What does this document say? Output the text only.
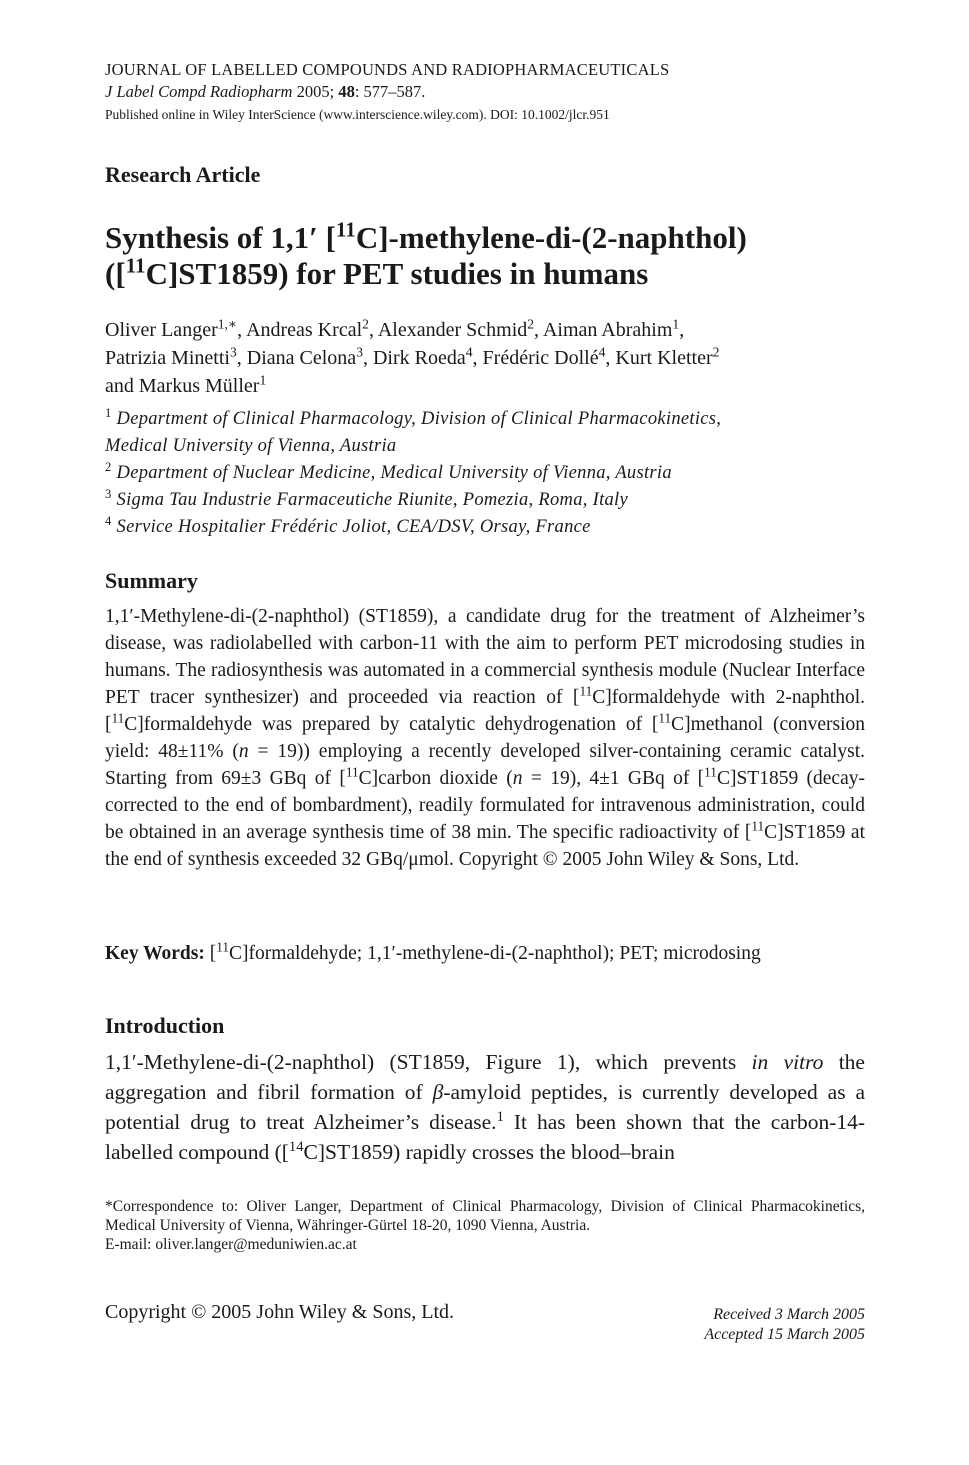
JOURNAL OF LABELLED COMPOUNDS AND RADIOPHARMACEUTICALS

J Label Compd Radiopharm 2005; 48: 577–587.

Published online in Wiley InterScience (www.interscience.wiley.com). DOI: 10.1002/jlcr.951

Research Article

Synthesis of 1,1′ [$^{11}$C]-methylene-di-(2-naphthol)
([$^{11}$C]ST1859) for PET studies in humans

Oliver Langer$^{1,∗}$, Andreas Krcal$^2$, Alexander Schmid$^2$, Aiman Abrahim$^1$,
Patrizia Minetti$^3$, Diana Celona$^3$, Dirk Roeda$^4$, Frédéric Dollé$^4$, Kurt Kletter$^2$
and Markus Müller$^1$

$^1$ Department of Clinical Pharmacology, Division of Clinical Pharmacokinetics,
Medical University of Vienna, Austria
$^2$ Department of Nuclear Medicine, Medical University of Vienna, Austria
$^3$ Sigma Tau Industrie Farmaceutiche Riunite, Pomezia, Roma, Italy
$^4$ Service Hospitalier Frédéric Joliot, CEA/DSV, Orsay, France
Summary

1,1′-Methylene-di-(2-naphthol) (ST1859), a candidate drug for the treatment of Alzheimer’s disease, was radiolabelled with carbon-11 with the aim to perform PET microdosing studies in humans. The radiosynthesis was automated in a commercial synthesis module (Nuclear Interface PET tracer synthesizer) and proceeded via reaction of [$^{11}$C]formaldehyde with 2-naphthol. [$^{11}$C]formaldehyde was prepared by catalytic dehydrogenation of [$^{11}$C]methanol (conversion yield: 48±11% (n = 19)) employing a recently developed silver-containing ceramic catalyst. Starting from 69±3 GBq of [$^{11}$C]carbon dioxide (n = 19), 4±1 GBq of [$^{11}$C]ST1859 (decay-corrected to the end of bombardment), readily formulated for intravenous administration, could be obtained in an average synthesis time of 38 min. The specific radioactivity of [$^{11}$C]ST1859 at the end of synthesis exceeded 32 GBq/μmol. Copyright © 2005 John Wiley & Sons, Ltd.

Key Words: [$^{11}$C]formaldehyde; 1,1′-methylene-di-(2-naphthol); PET; microdosing

Introduction

1,1′-Methylene-di-(2-naphthol) (ST1859, Figure 1), which prevents in vitro the aggregation and fibril formation of β-amyloid peptides, is currently developed as a potential drug to treat Alzheimer’s disease.$^1$ It has been shown that the carbon-14-labelled compound ([$^{14}$C]ST1859) rapidly crosses the blood–brain

*Correspondence to: Oliver Langer, Department of Clinical Pharmacology, Division of Clinical Pharmacokinetics, Medical University of Vienna, Währinger-Gürtel 18-20, 1090 Vienna, Austria.
E-mail: oliver.langer@meduniwien.ac.at

Copyright © 2005 John Wiley & Sons, Ltd.	Received 3 March 2005
Accepted 15 March 2005
